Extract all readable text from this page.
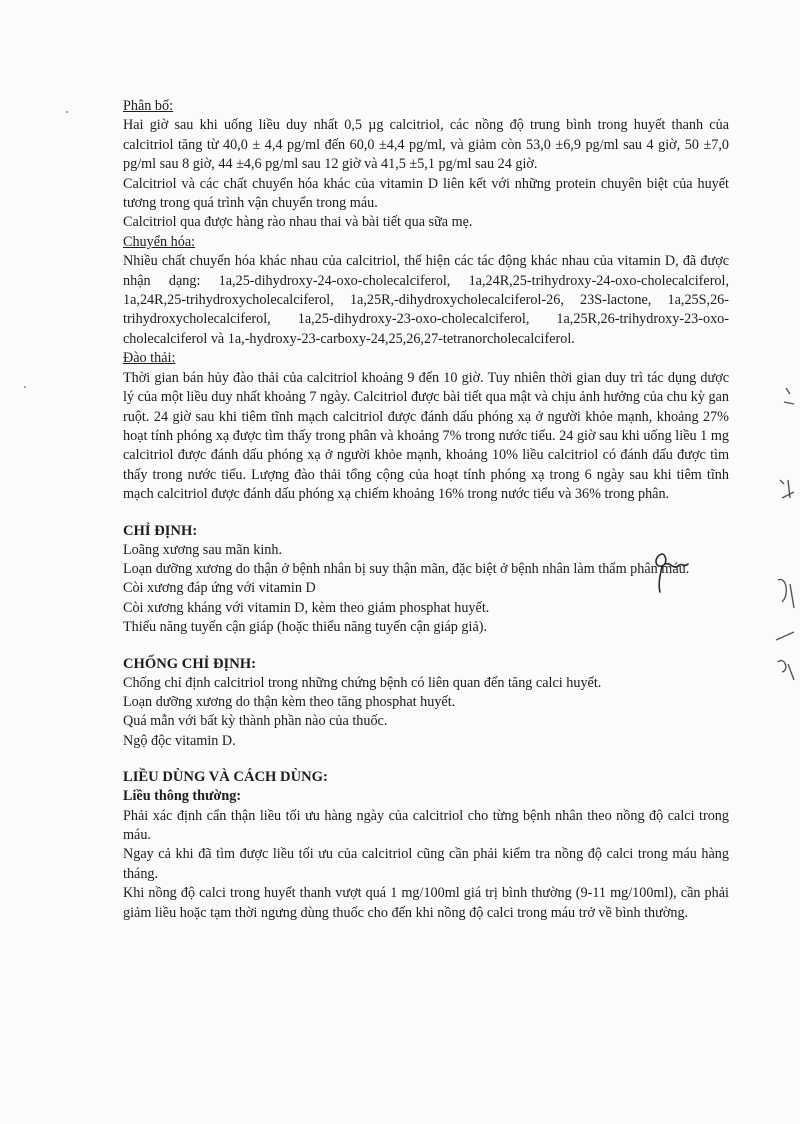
Phân bố:

Hai giờ sau khi uống liều duy nhất 0,5 µg calcitriol, các nồng độ trung bình trong huyết thanh của calcitriol tăng từ 40,0 ± 4,4 pg/ml đến 60,0 ±4,4 pg/ml, và giảm còn 53,0 ±6,9 pg/ml sau 4 giờ, 50 ±7,0 pg/ml sau 8 giờ, 44 ±4,6 pg/ml sau 12 giờ và 41,5 ±5,1 pg/ml sau 24 giờ.

Calcitriol và các chất chuyển hóa khác của vitamin D liên kết với những protein chuyên biệt của huyết tương trong quá trình vận chuyển trong máu.

Calcitriol qua được hàng rào nhau thai và bài tiết qua sữa mẹ.

Chuyển hóa:

Nhiều chất chuyển hóa khác nhau của calcitriol, thể hiện các tác động khác nhau của vitamin D, đã được nhận dạng: 1a,25-dihydroxy-24-oxo-cholecalciferol, 1a,24R,25-trihydroxy-24-oxo-cholecalciferol, 1a,24R,25-trihydroxycholecalciferol, 1a,25R,-dihydroxycholecalciferol-26, 23S-lactone, 1a,25S,26-trihydroxycholecalciferol, 1a,25-dihydroxy-23-oxo-cholecalciferol, 1a,25R,26-trihydroxy-23-oxo-cholecalciferol và 1a,-hydroxy-23-carboxy-24,25,26,27-tetranorcholecalciferol.

Đào thải:

Thời gian bán hủy đào thải của calcitriol khoảng 9 đến 10 giờ. Tuy nhiên thời gian duy trì tác dụng dược lý của một liều duy nhất khoảng 7 ngày. Calcitriol được bài tiết qua mật và chịu ảnh hưởng của chu kỳ gan ruột. 24 giờ sau khi tiêm tĩnh mạch calcitriol được đánh dấu phóng xạ ở người khỏe mạnh, khoảng 27% hoạt tính phóng xạ được tìm thấy trong phân và khoảng 7% trong nước tiểu. 24 giờ sau khi uống liều 1 mg calcitriol được đánh dấu phóng xạ ở người khỏe mạnh, khoảng 10% liều calcitriol có đánh dấu được tìm thấy trong nước tiểu. Lượng đào thải tổng cộng của hoạt tính phóng xạ trong 6 ngày sau khi tiêm tĩnh mạch calcitriol được đánh dấu phóng xạ chiếm khoảng 16% trong nước tiểu và 36% trong phân.

CHỈ ĐỊNH:

Loãng xương sau mãn kinh.

Loạn dưỡng xương do thận ở bệnh nhân bị suy thận mãn, đặc biệt ở bệnh nhân làm thẩm phân máu.

Còi xương đáp ứng với vitamin D

Còi xương kháng với vitamin D, kèm theo giảm phosphat huyết.

Thiểu năng tuyến cận giáp (hoặc thiểu năng tuyến cận giáp giả).

CHỐNG CHỈ ĐỊNH:

Chống chỉ định calcitriol trong những chứng bệnh có liên quan đến tăng calci huyết.

Loạn dưỡng xương do thận kèm theo tăng phosphat huyết.

Quá mẫn với bất kỳ thành phần nào của thuốc.

Ngộ độc vitamin D.

LIỀU DÙNG VÀ CÁCH DÙNG:

Liều thông thường:

Phải xác định cẩn thận liều tối ưu hàng ngày của calcitriol cho từng bệnh nhân theo nồng độ calci trong máu.

Ngay cả khi đã tìm được liều tối ưu của calcitriol cũng cần phải kiểm tra nồng độ calci trong máu hàng tháng.

Khi nồng độ calci trong huyết thanh vượt quá 1 mg/100ml giá trị bình thường (9-11 mg/100ml), cần phải giảm liều hoặc tạm thời ngưng dùng thuốc cho đến khi nồng độ calci trong máu trở về bình thường.
